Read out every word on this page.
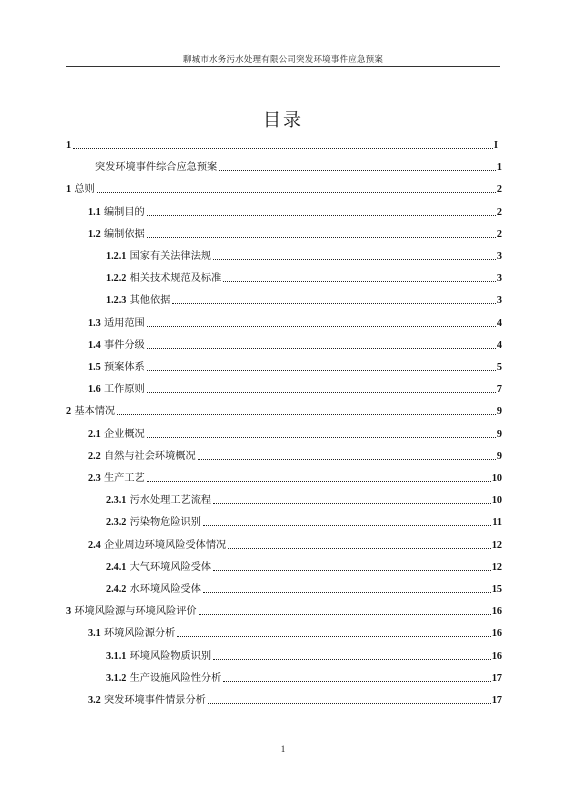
聊城市水务污水处理有限公司突发环境事件应急预案
目录
1	I
突发环境事件综合应急预案	1
1 总则	2
1.1 编制目的	2
1.2 编制依据	2
1.2.1 国家有关法律法规	3
1.2.2 相关技术规范及标准	3
1.2.3 其他依据	3
1.3 适用范围	4
1.4 事件分级	4
1.5 预案体系	5
1.6 工作原则	7
2 基本情况	9
2.1 企业概况	9
2.2 自然与社会环境概况	9
2.3 生产工艺	10
2.3.1 污水处理工艺流程	10
2.3.2 污染物危险识别	11
2.4 企业周边环境风险受体情况	12
2.4.1 大气环境风险受体	12
2.4.2 水环境风险受体	15
3 环境风险源与环境风险评价	16
3.1 环境风险源分析	16
3.1.1 环境风险物质识别	16
3.1.2 生产设施风险性分析	17
3.2 突发环境事件情景分析	17
1
